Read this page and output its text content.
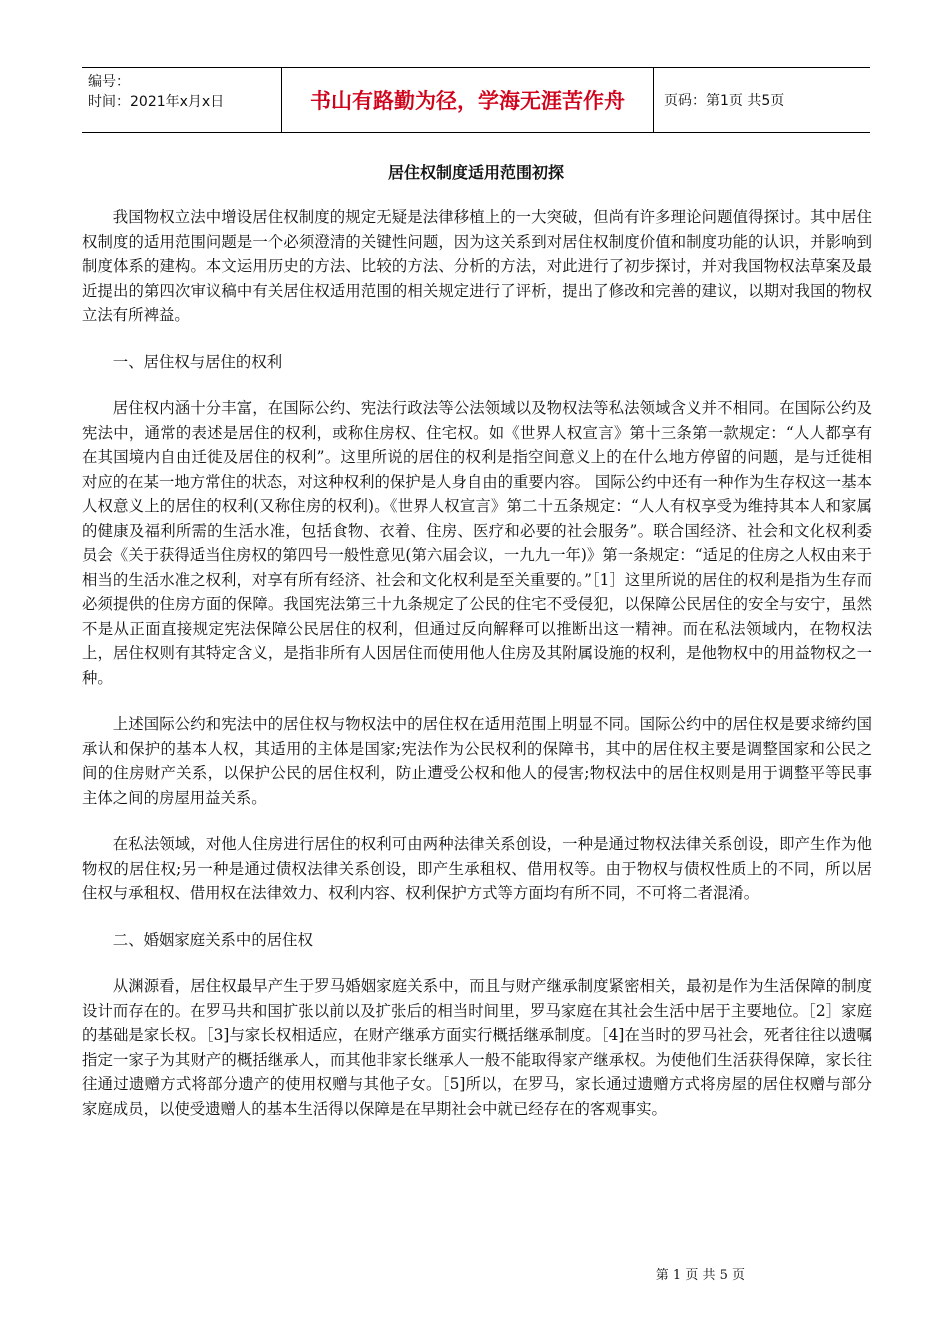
编号：
时间：2021年x月x日	书山有路勤为径，学海无涯苦作舟	页码：第1页 共5页
居住权制度适用范围初探

我国物权立法中增设居住权制度的规定无疑是法律移植上的一大突破，但尚有许多理论问题值得探讨。其中居住权制度的适用范围问题是一个必须澄清的关键性问题，因为这关系到对居住权制度价值和制度功能的认识，并影响到制度体系的建构。本文运用历史的方法、比较的方法、分析的方法，对此进行了初步探讨，并对我国物权法草案及最近提出的第四次审议稿中有关居住权适用范围的相关规定进行了评析，提出了修改和完善的建议，以期对我国的物权立法有所裨益。

一、居住权与居住的权利

居住权内涵十分丰富，在国际公约、宪法行政法等公法领域以及物权法等私法领域含义并不相同。在国际公约及宪法中，通常的表述是居住的权利，或称住房权、住宅权。如《世界人权宣言》第十三条第一款规定：“人人都享有在其国境内自由迁徙及居住的权利”。这里所说的居住的权利是指空间意义上的在什么地方停留的问题，是与迁徙相对应的在某一地方常住的状态，对这种权利的保护是人身自由的重要内容。 国际公约中还有一种作为生存权这一基本人权意义上的居住的权利(又称住房的权利)。《世界人权宣言》第二十五条规定：“人人有权享受为维持其本人和家属的健康及福利所需的生活水准，包括食物、衣着、住房、医疗和必要的社会服务”。联合国经济、社会和文化权利委员会《关于获得适当住房权的第四号一般性意见(第六届会议，一九九一年)》第一条规定：“适足的住房之人权由来于相当的生活水准之权利，对享有所有经济、社会和文化权利是至关重要的。”［1］这里所说的居住的权利是指为生存而必须提供的住房方面的保障。我国宪法第三十九条规定了公民的住宅不受侵犯，以保障公民居住的安全与安宁，虽然不是从正面直接规定宪法保障公民居住的权利，但通过反向解释可以推断出这一精神。而在私法领域内，在物权法上，居住权则有其特定含义，是指非所有人因居住而使用他人住房及其附属设施的权利，是他物权中的用益物权之一种。

上述国际公约和宪法中的居住权与物权法中的居住权在适用范围上明显不同。国际公约中的居住权是要求缔约国承认和保护的基本人权，其适用的主体是国家;宪法作为公民权利的保障书，其中的居住权主要是调整国家和公民之间的住房财产关系，以保护公民的居住权利，防止遭受公权和他人的侵害;物权法中的居住权则是用于调整平等民事主体之间的房屋用益关系。

在私法领域，对他人住房进行居住的权利可由两种法律关系创设，一种是通过物权法律关系创设，即产生作为他物权的居住权;另一种是通过债权法律关系创设，即产生承租权、借用权等。由于物权与债权性质上的不同，所以居住权与承租权、借用权在法律效力、权利内容、权利保护方式等方面均有所不同，不可将二者混淆。

二、婚姻家庭关系中的居住权

从渊源看，居住权最早产生于罗马婚姻家庭关系中，而且与财产继承制度紧密相关，最初是作为生活保障的制度设计而存在的。在罗马共和国扩张以前以及扩张后的相当时间里，罗马家庭在其社会生活中居于主要地位。［2］家庭的基础是家长权。［3]与家长权相适应，在财产继承方面实行概括继承制度。［4]在当时的罗马社会，死者往往以遗嘱指定一家子为其财产的概括继承人，而其他非家长继承人一般不能取得家产继承权。为使他们生活获得保障，家长往往通过遗赠方式将部分遗产的使用权赠与其他子女。［5]所以，在罗马，家长通过遗赠方式将房屋的居住权赠与部分家庭成员，以使受遗赠人的基本生活得以保障是在早期社会中就已经存在的客观事实。

第 1 页 共 5 页
